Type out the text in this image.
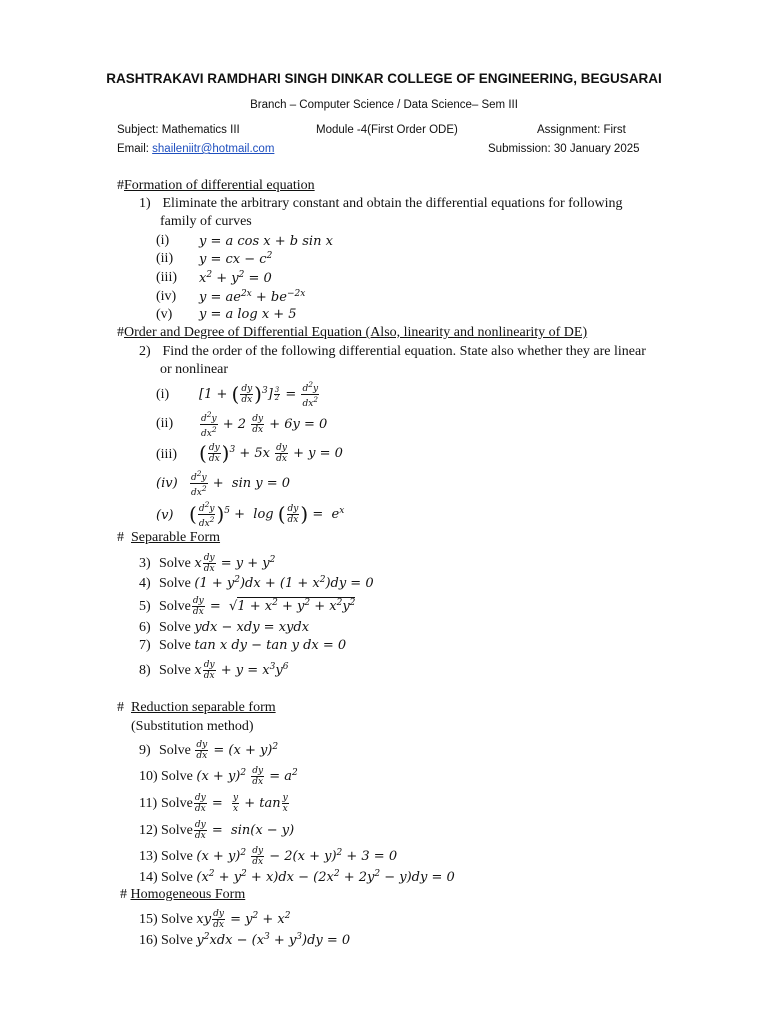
RASHTRAKAVI RAMDHARI SINGH DINKAR COLLEGE OF ENGINEERING, BEGUSARAI
Branch – Computer Science / Data Science– Sem III
Subject: Mathematics III	Module -4(First Order ODE)	Assignment: First
Email: shaileniitr@hotmail.com	Submission: 30 January 2025
#Formation of differential equation
1) Eliminate the arbitrary constant and obtain the differential equations for following
family of curves
(i) y = a cos x + b sin x
(ii) y = cx − $c^2$
(iii) $x^2 + y^2 = 0$
(iv) $y = ae^{2x} + be^{-2x}$
(v) y = a log x + 5
#Order and Degree of Differential Equation (Also, linearity and nonlinearity of DE)
2) Find the order of the following differential equation. State also whether they are linear
or nonlinear
(i) [1 + ( $\frac{dy}{dx} )^3] \frac{3}{2} = \frac{d^2y}{dx^2}$
(ii)	$\frac{d^2y}{dx^2} + 2 \frac{dy}{dx} + 6y = 0$
(iii) ( $\frac{dy}{dx} )^3 + 5x \frac{dy}{dx} + y = 0$
$(iv) \frac{d^2y}{dx^2} + \sin y = 0$
(v) ( $\frac{d^2y}{dx^2} )^5 + \log$ ( $\frac{dy}{dx}$ ) =  $e^x$
# Separable Form
3) Solve x $\frac{dy}{dx} = y + y^2$
4) Solve $(1 + y^2)dx + (1 + x^2)dy = 0$
5) Solve $\frac{dy}{dx} = √1 + x^2 + y^2 + x^2y^2$
6) Solve ydx − xdy = xydx
7) Solve tan x dy − tan y dx = 0
8) Solve x $\frac{dy}{dx} + y = x^3y^6$
# Reduction separable form
(Substitution method)
9) Solve $\frac{dy}{dx} = (x + y)^2$
10) Solve $(x + y)^2 \frac{dy}{dx} = a^2$
11) Solve $\frac{dy}{dx} = \frac{y}{x} + \tan \frac{y}{x}$
12) Solve $\frac{dy}{dx} = \sin(x - y)$
13) Solve $(x + y)^2 \frac{dy}{dx} - 2(x + y)^2 + 3 = 0$
14) Solve $(x^2 + y^2 + x)dx - (2x^2 + 2y^2 - y)dy = 0$
# Homogeneous Form
15) Solve xy $\frac{dy}{dx} = y^2 + x^2$
16) Solve $y^2xdx - (x^3 + y^3)dy = 0$
